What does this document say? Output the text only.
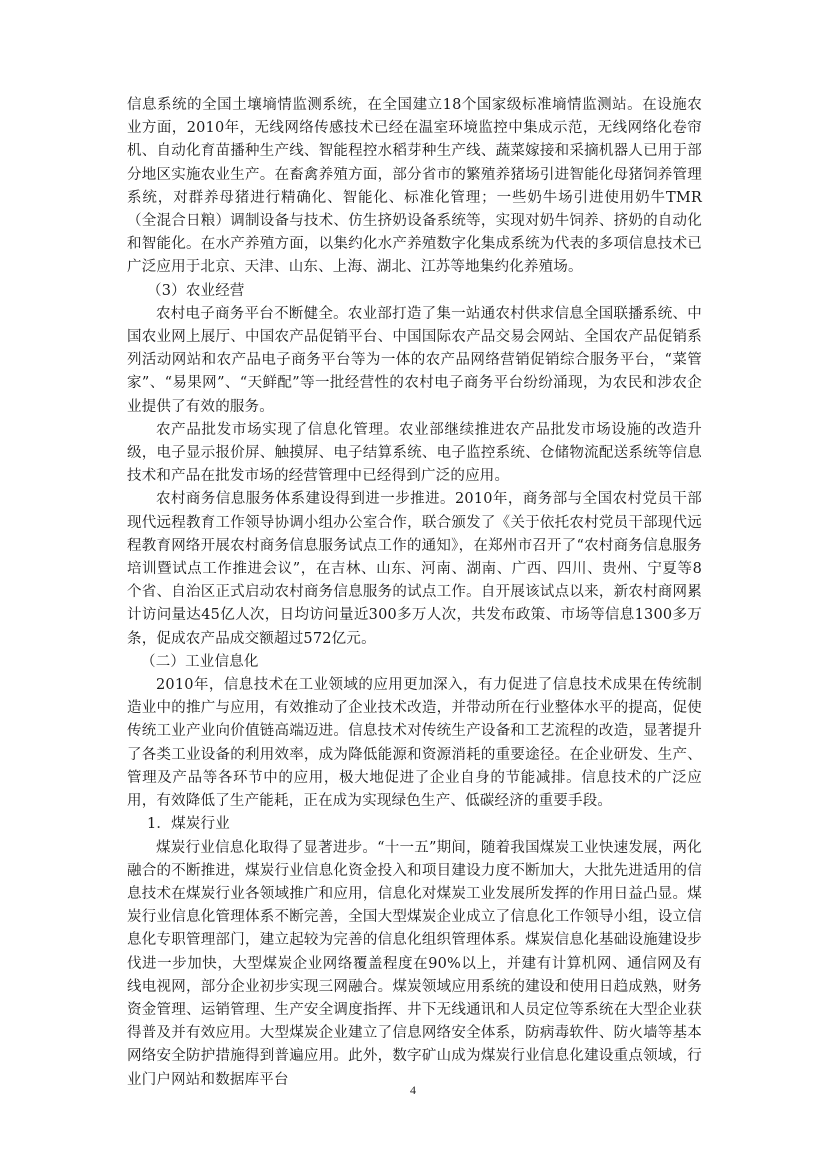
信息系统的全国土壤墒情监测系统，在全国建立18个国家级标准墒情监测站。在设施农业方面，2010年，无线网络传感技术已经在温室环境监控中集成示范，无线网络化卷帘机、自动化育苗播种生产线、智能程控水稻芽种生产线、蔬菜嫁接和采摘机器人已用于部分地区实施农业生产。在畜禽养殖方面，部分省市的繁殖养猪场引进智能化母猪饲养管理系统，对群养母猪进行精确化、智能化、标准化管理；一些奶牛场引进使用奶牛TMR（全混合日粮）调制设备与技术、仿生挤奶设备系统等，实现对奶牛饲养、挤奶的自动化和智能化。在水产养殖方面，以集约化水产养殖数字化集成系统为代表的多项信息技术已广泛应用于北京、天津、山东、上海、湖北、江苏等地集约化养殖场。

（3）农业经营

农村电子商务平台不断健全。农业部打造了集一站通农村供求信息全国联播系统、中国农业网上展厅、中国农产品促销平台、中国国际农产品交易会网站、全国农产品促销系列活动网站和农产品电子商务平台等为一体的农产品网络营销促销综合服务平台，“菜管家”、“易果网”、“天鲜配”等一批经营性的农村电子商务平台纷纷涌现，为农民和涉农企业提供了有效的服务。

农产品批发市场实现了信息化管理。农业部继续推进农产品批发市场设施的改造升级，电子显示报价屏、触摸屏、电子结算系统、电子监控系统、仓储物流配送系统等信息技术和产品在批发市场的经营管理中已经得到广泛的应用。

农村商务信息服务体系建设得到进一步推进。2010年，商务部与全国农村党员干部现代远程教育工作领导协调小组办公室合作，联合颁发了《关于依托农村党员干部现代远程教育网络开展农村商务信息服务试点工作的通知》，在郑州市召开了“农村商务信息服务培训暨试点工作推进会议”，在吉林、山东、河南、湖南、广西、四川、贵州、宁夏等8个省、自治区正式启动农村商务信息服务的试点工作。自开展该试点以来，新农村商网累计访问量达45亿人次，日均访问量近300多万人次，共发布政策、市场等信息1300多万条，促成农产品成交额超过572亿元。

（二）工业信息化

2010年，信息技术在工业领域的应用更加深入，有力促进了信息技术成果在传统制造业中的推广与应用，有效推动了企业技术改造，并带动所在行业整体水平的提高，促使传统工业产业向价值链高端迈进。信息技术对传统生产设备和工艺流程的改造，显著提升了各类工业设备的利用效率，成为降低能源和资源消耗的重要途径。在企业研发、生产、管理及产品等各环节中的应用，极大地促进了企业自身的节能减排。信息技术的广泛应用，有效降低了生产能耗，正在成为实现绿色生产、低碳经济的重要手段。

1．煤炭行业

煤炭行业信息化取得了显著进步。“十一五”期间，随着我国煤炭工业快速发展，两化融合的不断推进，煤炭行业信息化资金投入和项目建设力度不断加大，大批先进适用的信息技术在煤炭行业各领域推广和应用，信息化对煤炭工业发展所发挥的作用日益凸显。煤炭行业信息化管理体系不断完善，全国大型煤炭企业成立了信息化工作领导小组，设立信息化专职管理部门，建立起较为完善的信息化组织管理体系。煤炭信息化基础设施建设步伐进一步加快，大型煤炭企业网络覆盖程度在90%以上，并建有计算机网、通信网及有线电视网，部分企业初步实现三网融合。煤炭领域应用系统的建设和使用日趋成熟，财务资金管理、运销管理、生产安全调度指挥、井下无线通讯和人员定位等系统在大型企业获得普及并有效应用。大型煤炭企业建立了信息网络安全体系，防病毒软件、防火墙等基本网络安全防护措施得到普遍应用。此外，数字矿山成为煤炭行业信息化建设重点领域，行业门户网站和数据库平台

4
